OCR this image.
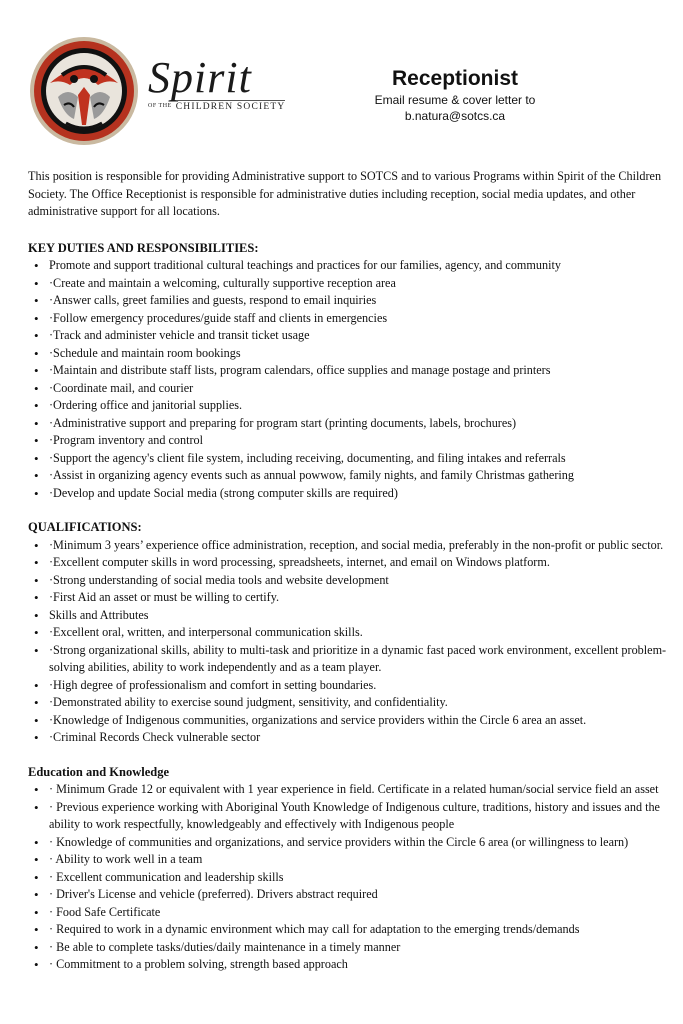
Spirit
OF THE CHILDREN SOCIETY
Receptionist
Email resume & cover letter to
b.natura@sotcs.ca

This position is responsible for providing Administrative support to SOTCS and to various Programs within Spirit of the Children Society. The Office Receptionist is responsible for administrative duties including reception, social media updates, and other administrative support for all locations.

KEY DUTIES AND RESPONSIBILITIES:
• Promote and support traditional cultural teachings and practices for our families, agency, and community
• ·Create and maintain a welcoming, culturally supportive reception area
• ·Answer calls, greet families and guests, respond to email inquiries
• ·Follow emergency procedures/guide staff and clients in emergencies
• ·Track and administer vehicle and transit ticket usage
• ·Schedule and maintain room bookings
• ·Maintain and distribute staff lists, program calendars, office supplies and manage postage and printers
• ·Coordinate mail, and courier
• ·Ordering office and janitorial supplies.
• ·Administrative support and preparing for program start (printing documents, labels, brochures)
• ·Program inventory and control
• ·Support the agency's client file system, including receiving, documenting, and filing intakes and referrals
• ·Assist in organizing agency events such as annual powwow, family nights, and family Christmas gathering
• ·Develop and update Social media (strong computer skills are required)
QUALIFICATIONS:
• ·Minimum 3 years’ experience office administration, reception, and social media, preferably in the non-profit or public sector.
• ·Excellent computer skills in word processing, spreadsheets, internet, and email on Windows platform.
• ·Strong understanding of social media tools and website development
• ·First Aid an asset or must be willing to certify.
• Skills and Attributes
• ·Excellent oral, written, and interpersonal communication skills.
• ·Strong organizational skills, ability to multi-task and prioritize in a dynamic fast paced work environment, excellent problem-solving abilities, ability to work independently and as a team player.
• ·High degree of professionalism and comfort in setting boundaries.
• ·Demonstrated ability to exercise sound judgment, sensitivity, and confidentiality.
• ·Knowledge of Indigenous communities, organizations and service providers within the Circle 6 area an asset.
• ·Criminal Records Check vulnerable sector
Education and Knowledge
• · Minimum Grade 12 or equivalent with 1 year experience in field. Certificate in a related human/social service field an asset
• · Previous experience working with Aboriginal Youth Knowledge of Indigenous culture, traditions, history and issues and the ability to work respectfully, knowledgeably and effectively with Indigenous people
• · Knowledge of communities and organizations, and service providers within the Circle 6 area (or willingness to learn)
• · Ability to work well in a team
• · Excellent communication and leadership skills
• · Driver's License and vehicle (preferred). Drivers abstract required
• · Food Safe Certificate
• · Required to work in a dynamic environment which may call for adaptation to the emerging trends/demands
• · Be able to complete tasks/duties/daily maintenance in a timely manner
• · Commitment to a problem solving, strength based approach
